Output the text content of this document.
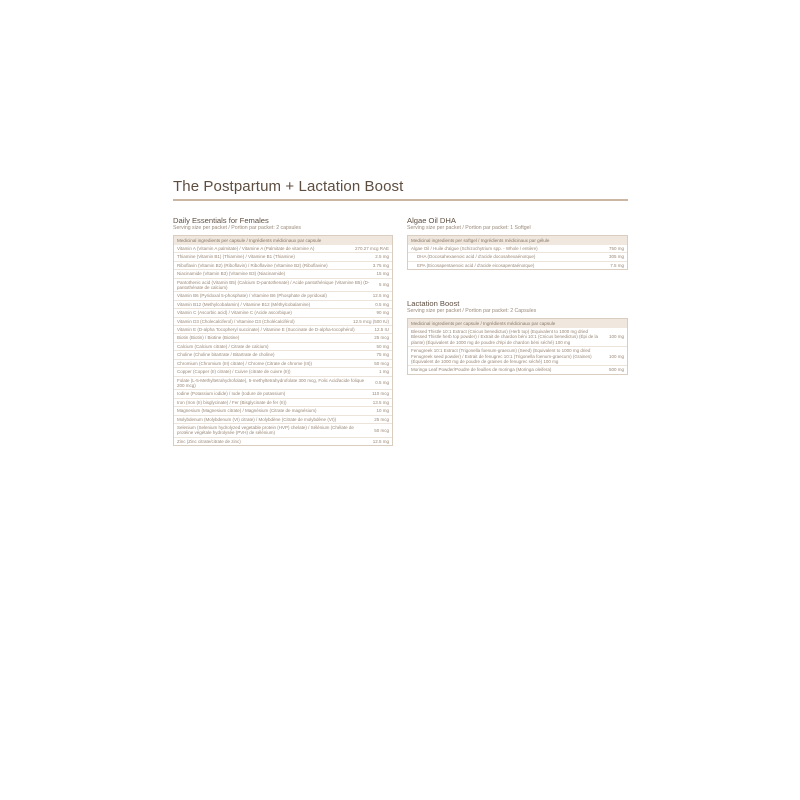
The Postpartum + Lactation Boost
Daily Essentials for Females
Serving size per packet / Portion par packet: 2 capsules
Medicinal ingredients per capsule / Ingrédients médicinaux par capsule
Vitamin A (Vitamin A palmitate) / Vitamine A (Palmitate de vitamine A)	270.27 mcg RAE
Thiamine (Vitamin B1) (Thiamine) / Vitamine B1 (Thiamine)	2.5 mg
Riboflavin (Vitamin B2) (Riboflavin) / Riboflavine (Vitamine B2) (Riboflavine)	3.75 mg
Niacinamide (Vitamin B3) (Vitamine B3) (Niacinamide)	15 mg
Pantothenic acid (Vitamin B5) (Calcium D-pantothenate) / Acide pantothénique (Vitamine B5) (D-pantothénate de calcium)
5 mg
Vitamin B6 (Pyridoxal 5-phosphate) / Vitamine B6 (Phosphate de pyridoxal)	12.5 mg
Vitamin B12 (Methylcobalamin) / Vitamine B12 (Méthylcobalamine)	0.5 mg
Vitamin C (Ascorbic acid) / Vitamine C (Acide ascorbique)	90 mg
Vitamin D3 (Cholecalciferol) / Vitamine D3 (Cholécalciférol)	12.5 mcg (500 IU)
Vitamin E (D-alpha Tocopheryl succinate) / Vitamine E (Succinate de D-alpha-tocophérol)	12.5 IU
Biotin (Biotin) / Biotine (Biotine)	25 mcg
Calcium (Calcium citrate) / Citrate de calcium)	50 mg
Choline (Choline bitartrate / Bitartrate de choline)	75 mg
Chromium (Chromium (III) citrate) / Chrome (Citrate de chrome (III))	50 mcg
Copper (Copper (II) citrate) / Cuivre (citrate de cuivre (II))	1 mg
Folate (L-5-Methyltetrahydrofolate), 5-methyltetrahydrofolate 300 mcg, Folic Acid/acide folique 200 mcg)
0.5 mg
Iodine (Potassium iodide) / Iode (Iodure de potassium)	110 mcg
Iron (Iron (II) bisglycinate) / Fer (Bisglycinate de fer (II))	13.5 mg
Magnesium (Magnesium citrate) / Magnésium (Citrate de magnésium)	10 mg
Molybdenum (Molybdenum (VI) citrate) / Molybdène (Citrate de molybdène (VI))	25 mcg
Selenium (Selenium hydrolyzed vegetable protein (HVP) chelate) / Sélénium (Chélate de protéine végétale hydrolysée (PVH) de sélénium)
50 mcg
Zinc (Zinc citrate/citrate de zinc)	12.5 mg
Algae Oil DHA
Serving size per packet / Portion par packet: 1 Softgel
Medicinal ingredients per softgel / Ingrédients médicinaux par gélule
Algae Oil / Huile d'algue (Schizochytrium spp. - Whole / entière)	750 mg
DHA (Docosahexaenoic acid / d'acide docosahexaénoïque)	305 mg
EPA (Eicosapentaenoic acid / d'acide eicosapentaénoïque)	7.5 mg
Lactation Boost
Serving size per packet / Portion par packet: 2 Capsules
Medicinal ingredients per capsule / Ingrédients médicinaux par capsule
Blessed Thistle 10:1 Extract (Cnicus benedictus) (Herb top) (Equivalent to 1000 mg dried Blessed Thistle herb top powder) / Extrait de chardon béni 10:1 (Cnicus benedictus) (Épi de la plante) (Équivalent de 1000 mg de poudre d'épi de chardon béni séché) 100 mg
100 mg
Fenugreek 10:1 Extract (Trigonella foenum-graecum) (Seed) (Equivalent to 1000 mg dried Fenugreek seed powder) / Extrait de fenugrec 10:1 (Trigonella foenum-graecum) (Graines) (Équivalent de 1000 mg de poudre de graines de fenugrec séché) 100 mg
100 mg
Moringa Leaf Powder/Poudre de feuilles de moringa (Moringa oleifera)	500 mg
